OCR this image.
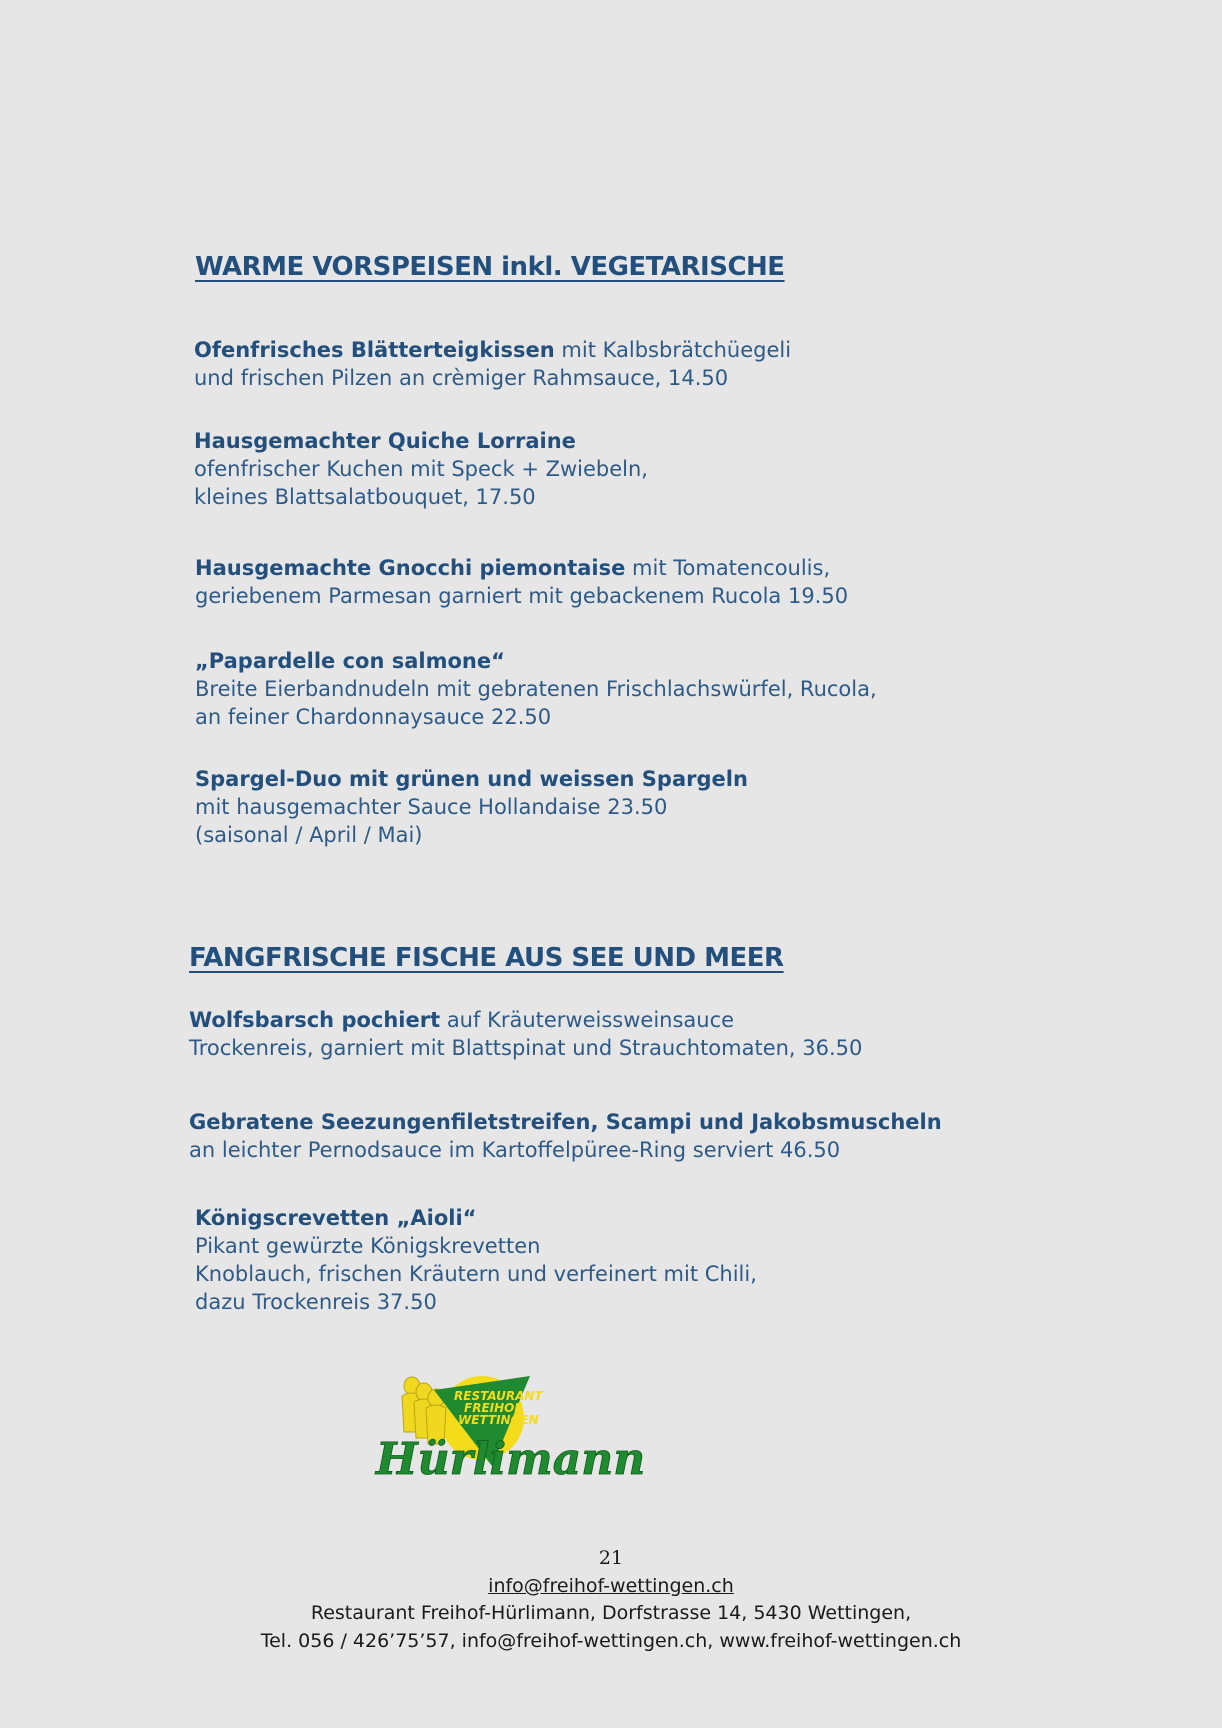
WARME VORSPEISEN inkl. VEGETARISCHE
Ofenfrisches Blätterteigkissen mit Kalbsbrätchüegeli
und frischen Pilzen an crèmiger Rahmsauce, 14.50
Hausgemachter Quiche Lorraine
ofenfrischer Kuchen mit Speck + Zwiebeln,
kleines Blattsalatbouquet, 17.50
Hausgemachte Gnocchi piemontaise mit Tomatencoulis,
geriebenem Parmesan garniert mit gebackenem Rucola 19.50
„Papardelle con salmone“
Breite Eierbandnudeln mit gebratenen Frischlachswürfel, Rucola,
an feiner Chardonnaysauce 22.50
Spargel-Duo mit grünen und weissen Spargeln
mit hausgemachter Sauce Hollandaise 23.50
(saisonal / April / Mai)
FANGFRISCHE FISCHE AUS SEE UND MEER
Wolfsbarsch pochiert auf Kräuterweissweinsauce
Trockenreis, garniert mit Blattspinat und Strauchtomaten, 36.50
Gebratene Seezungenfiletstreifen, Scampi und Jakobsmuscheln
an leichter Pernodsauce im Kartoffelpüree-Ring serviert 46.50
Königscrevetten „Aioli“
Pikant gewürzte Königskrevetten
Knoblauch, frischen Kräutern und verfeinert mit Chili,
dazu Trockenreis 37.50
RESTAURANT
FREIHOF
WETTINGEN
Hürlimann
21
info@freihof-wettingen.ch
Restaurant Freihof-Hürlimann, Dorfstrasse 14, 5430 Wettingen,
Tel. 056 / 426’75’57, info@freihof-wettingen.ch, www.freihof-wettingen.ch
